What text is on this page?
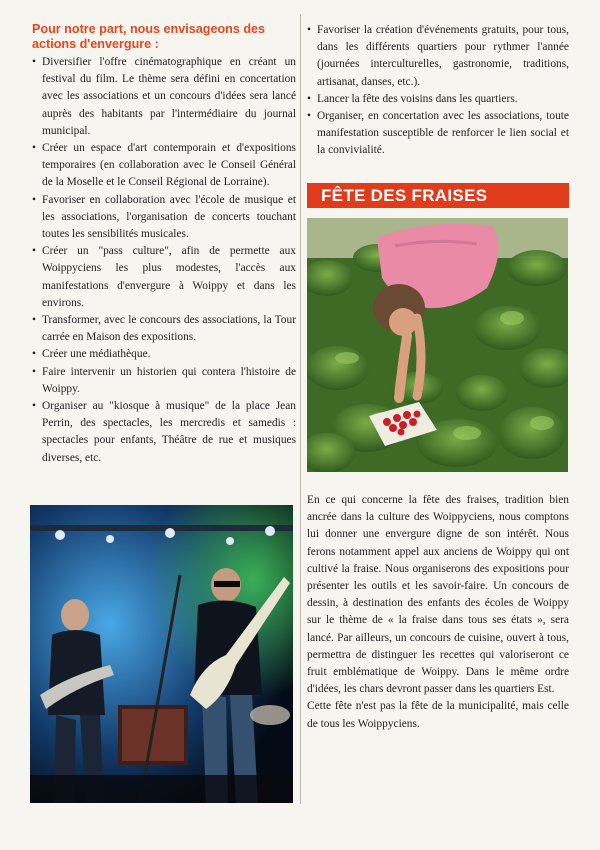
Pour notre part, nous envisageons des actions d'envergure :
• Diversifier l'offre cinématographique en créant un festival du film. Le thème sera défini en concertation avec les associations et un concours d'idées sera lancé auprès des habitants par l'intermédiaire du journal municipal.
• Créer un espace d'art contemporain et d'expositions temporaires (en collaboration avec le Conseil Général de la Moselle et le Conseil Régional de Lorraine).
• Favoriser en collaboration avec l'école de musique et les associations, l'organisation de concerts touchant toutes les sensibilités musicales.
• Créer un "pass culture", afin de permette aux Woippyciens les plus modestes, l'accès aux manifestations d'envergure à Woippy et dans les environs.
• Transformer, avec le concours des associations, la Tour carrée en Maison des expositions.
• Créer une médiathèque.
• Faire intervenir un historien qui contera l'histoire de Woippy.
• Organiser au "kiosque à musique" de la place Jean Perrin, des spectacles, les mercredis et samedis : spectacles pour enfants, Théâtre de rue et musiques diverses, etc.
• Favoriser la création d'événements gratuits, pour tous, dans les différents quartiers pour rythmer l'année (journées interculturelles, gastronomie, traditions, artisanat, danses, etc.).
• Lancer la fête des voisins dans les quartiers.
• Organiser, en concertation avec les associations, toute manifestation susceptible de renforcer le lien social et la convivialité.
FÊTE DES FRAISES

En ce qui concerne la fête des fraises, tradition bien ancrée dans la culture des Woippyciens, nous comptons lui donner une envergure digne de son intérêt. Nous ferons notamment appel aux anciens de Woippy qui ont cultivé la fraise. Nous organiserons des expositions pour présenter les outils et les savoir-faire. Un concours de dessin, à destination des enfants des écoles de Woippy sur le thème de « la fraise dans tous ses états », sera lancé. Par ailleurs, un concours de cuisine, ouvert à tous, permettra de distinguer les recettes qui valoriseront ce fruit emblématique de Woippy. Dans le même ordre d'idées, les chars devront passer dans les quartiers Est.

Cette fête n'est pas la fête de la municipalité, mais celle de tous les Woippyciens.
